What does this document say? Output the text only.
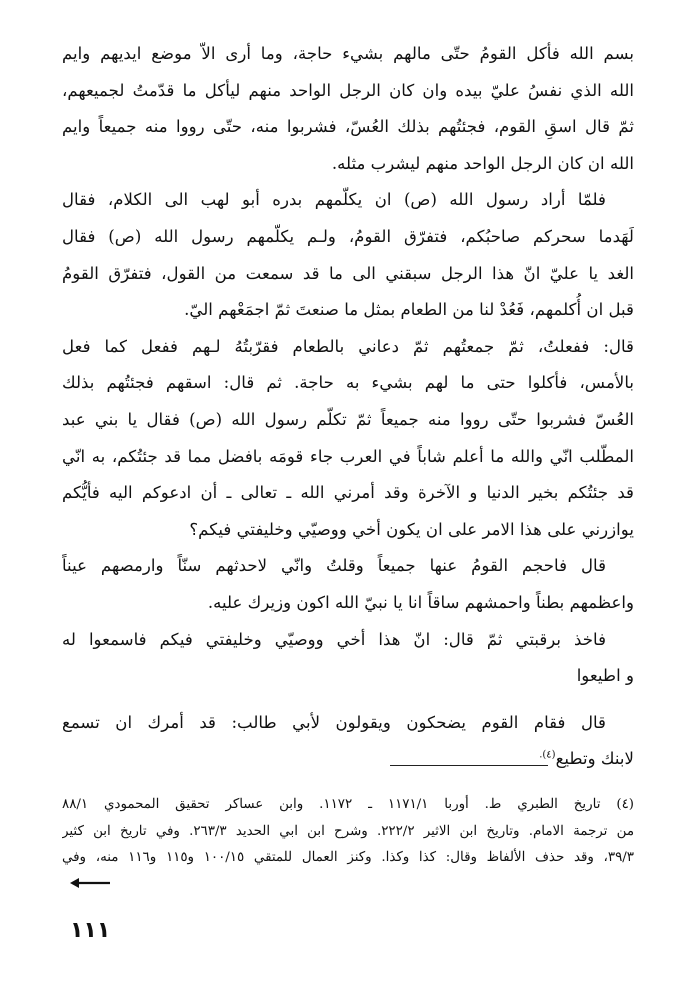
بسم الله فأكل القومُ حتّى مالهم بشيء حاجة، وما أرى الاّ موضع ايديهم وايم
الله الذي نفسُ عليّ بيده وان كان الرجل الواحد منهم ليأكل ما قدّمتُ لجميعهم،
ثمّ قال اسقِ القوم، فجئتُهم بذلك العُسّ، فشربوا منه، حتّى رووا منه جميعاً وايم
الله ان كان الرجل الواحد منهم ليشرب مثله.

فلمّا أراد رسول الله (ص) ان يكلّمهم بدره أبو لهب الى الكلام، فقال
لَهَدما سحركم صاحبُكم، فتفرّق القومُ، ولـم يكلّمهم رسول الله (ص) فقال
الغد يا عليّ انّ هذا الرجل سبقني الى ما قد سمعت من القول، فتفرّق القومُ
قبل ان أُكلمهم، فَعُدْ لنا من الطعام بمثل ما صنعتَ ثمّ اجمَعْهم اليّ.

قال: ففعلتُ، ثمّ جمعتُهم ثمّ دعاني بالطعام فقرّبتُهُ لـهم ففعل كما فعل
بالأمس، فأكلوا حتى ما لهم بشيء به حاجة. ثم قال: اسقهم فجئتُهم بذلك
العُسّ فشربوا حتّى رووا منه جميعاً ثمّ تكلّم رسول الله (ص) فقال يا بني عبد
المطّلب انّي والله ما أعلم شاباً في العرب جاء قومَه بافضل مما قد جئتُكم، به انّي
قد جئتُكم بخير الدنيا و الآخرة وقد أمرني الله ـ تعالى ـ أن ادعوكم اليه فأيُّكم
يوازرني على هذا الامر على ان يكون أخي ووصيّي وخليفتي فيكم؟

قال فاحجم القومُ عنها جميعاً وقلتُ وانّي لاحدثهم سنّاً وارمصهم عيناً
واعظمهم بطناً واحمشهم ساقاً انا يا نبيّ الله اكون وزيرك عليه.

فاخذ برقبتي ثمّ قال: انّ هذا أخي ووصيّي وخليفتي فيكم فاسمعوا له
و اطيعوا

قال فقام القوم يضحكون ويقولون لأبي طالب: قد أمرك ان تسمع
لابنك وتطيع$^{(٤).}$

(٤) تاريخ الطبري ط. أوربا ١١٧١/١ ـ ١١٧٢. وابن عساكر تحقيق المحمودي ٨٨/١
من ترجمة الامام. وتاريخ ابن الاثير ٢٢٢/٢. وشرح ابن ابي الحديد ٢٦٣/٣. وفي تاريخ ابن كثير
٣٩/٣، وقد حذف الألفاظ وقال: كذا وكذا. وكنز العمال للمتقي ١٠٠/١٥ و١١٥ و١١٦ منه، وفي
١١١
